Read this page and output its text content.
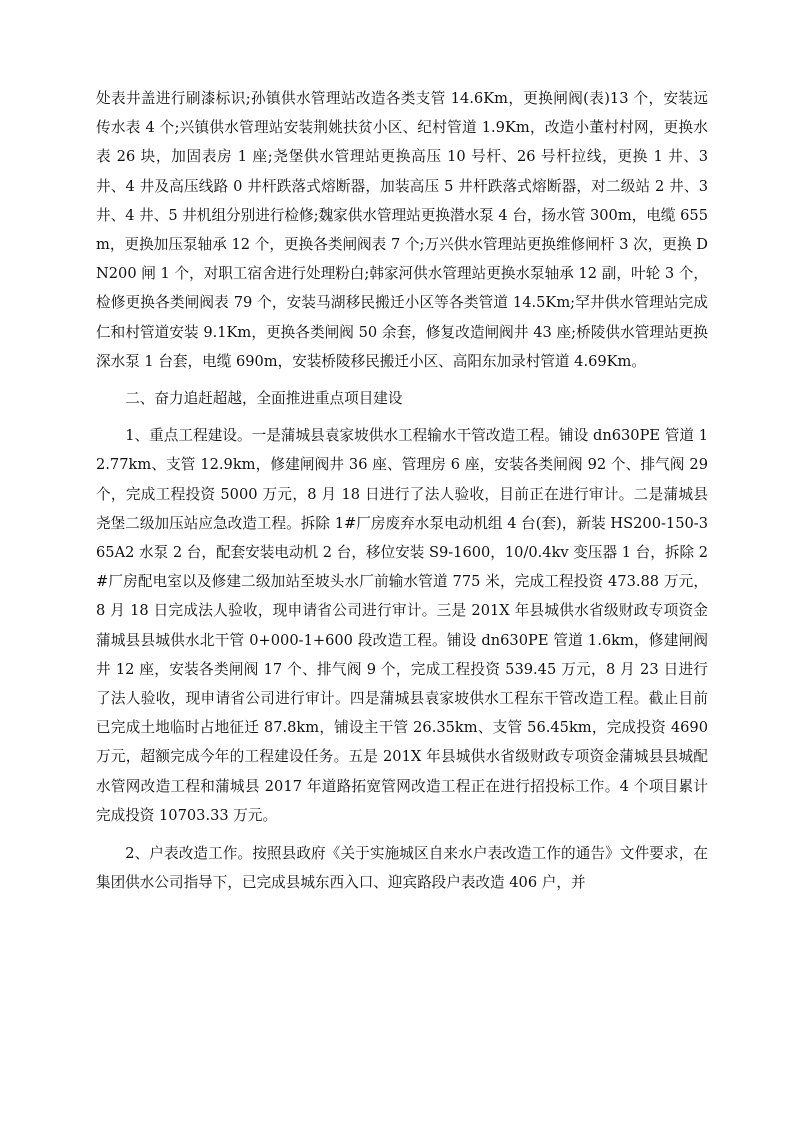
处表井盖进行刷漆标识;孙镇供水管理站改造各类支管 14.6Km，更换闸阀(表)13 个，安装远传水表 4 个;兴镇供水管理站安装荆姚扶贫小区、纪村管道 1.9Km，改造小董村村网，更换水表 26 块，加固表房 1 座;尧堡供水管理站更换高压 10 号杆、26 号杆拉线，更换 1 井、3 井、4 井及高压线路 0 井杆跌落式熔断器，加装高压 5 井杆跌落式熔断器，对二级站 2 井、3 井、4 井、5 井机组分别进行检修;魏家供水管理站更换潜水泵 4 台，扬水管 300m，电缆 655m，更换加压泵轴承 12 个，更换各类闸阀表 7 个;万兴供水管理站更换维修闸杆 3 次，更换 DN200 闸 1 个，对职工宿舍进行处理粉白;韩家河供水管理站更换水泵轴承 12 副，叶轮 3 个，检修更换各类闸阀表 79 个，安装马湖移民搬迁小区等各类管道 14.5Km;罕井供水管理站完成仁和村管道安装 9.1Km，更换各类闸阀 50 余套，修复改造闸阀井 43 座;桥陵供水管理站更换深水泵 1 台套，电缆 690m，安装桥陵移民搬迁小区、高阳东加录村管道 4.69Km。

二、奋力追赶超越，全面推进重点项目建设

1、重点工程建设。一是蒲城县袁家坡供水工程输水干管改造工程。铺设 dn630PE 管道 12.77km、支管 12.9km，修建闸阀井 36 座、管理房 6 座，安装各类闸阀 92 个、排气阀 29 个，完成工程投资 5000 万元，8 月 18 日进行了法人验收，目前正在进行审计。二是蒲城县尧堡二级加压站应急改造工程。拆除 1#厂房废弃水泵电动机组 4 台(套)，新装 HS200-150-365A2 水泵 2 台，配套安装电动机 2 台，移位安装 S9-1600，10/0.4kv 变压器 1 台，拆除 2#厂房配电室以及修建二级加站至坡头水厂前输水管道 775 米，完成工程投资 473.88 万元，8 月 18 日完成法人验收，现申请省公司进行审计。三是 201X 年县城供水省级财政专项资金蒲城县县城供水北干管 0+000-1+600 段改造工程。铺设 dn630PE 管道 1.6km，修建闸阀井 12 座，安装各类闸阀 17 个、排气阀 9 个，完成工程投资 539.45 万元，8 月 23 日进行了法人验收，现申请省公司进行审计。四是蒲城县袁家坡供水工程东干管改造工程。截止目前已完成土地临时占地征迁 87.8km，铺设主干管 26.35km、支管 56.45km，完成投资 4690 万元，超额完成今年的工程建设任务。五是 201X 年县城供水省级财政专项资金蒲城县县城配水管网改造工程和蒲城县 2017 年道路拓宽管网改造工程正在进行招投标工作。4 个项目累计完成投资 10703.33 万元。

2、户表改造工作。按照县政府《关于实施城区自来水户表改造工作的通告》文件要求，在集团供水公司指导下，已完成县城东西入口、迎宾路段户表改造 406 户，并
